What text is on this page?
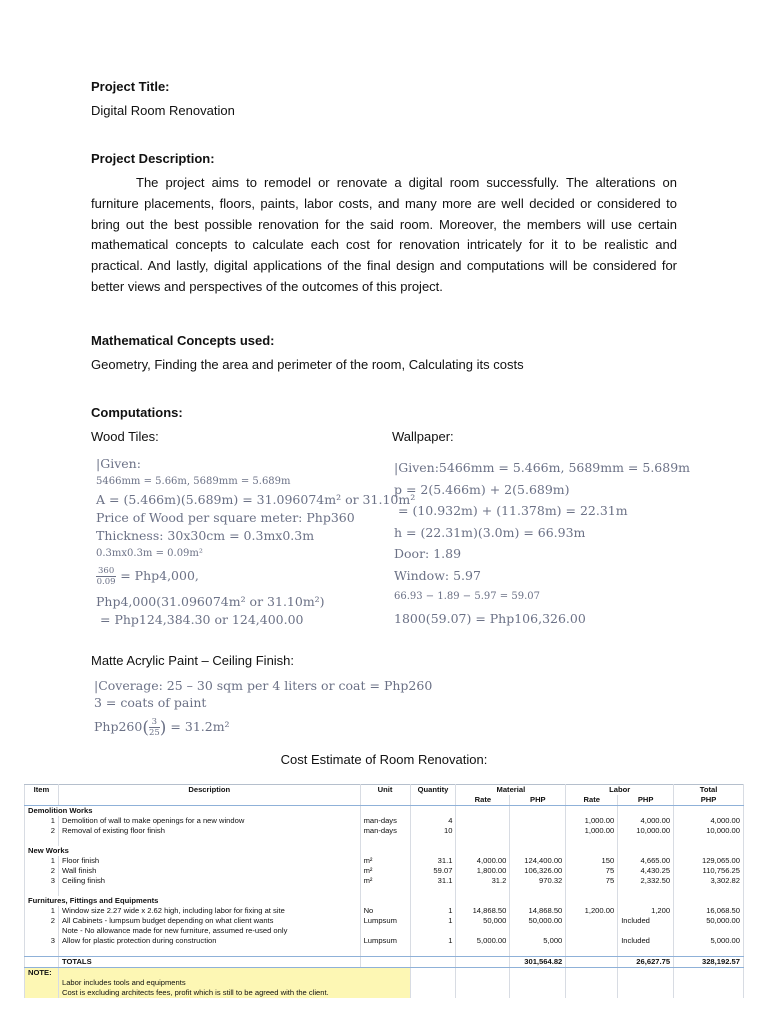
Project Title:
Digital Room Renovation
Project Description:
The project aims to remodel or renovate a digital room successfully. The alterations on furniture placements, floors, paints, labor costs, and many more are well decided or considered to bring out the best possible renovation for the said room. Moreover, the members will use certain mathematical concepts to calculate each cost for renovation intricately for it to be realistic and practical. And lastly, digital applications of the final design and computations will be considered for better views and perspectives of the outcomes of this project.
Mathematical Concepts used:
Geometry, Finding the area and perimeter of the room, Calculating its costs
Computations:
Wood Tiles:	Wallpaper:
|Given:
5466mm = 5.66m, 5689mm = 5.689m
A = (5.466m)(5.689m) = 31.096074m² or 31.10m²
Price of Wood per square meter: Php360
Thickness: 30x30cm = 0.3mx0.3m
0.3mx0.3m = 0.09m²
$\frac{360}{0.09} = Php4,000$,
Php4,000(31.096074m² or 31.10m²)
= Php124,384.30 or 124,400.00
|Given:5466mm = 5.466m, 5689mm = 5.689m
p = 2(5.466m) + 2(5.689m)
= (10.932m) + (11.378m) = 22.31m
h = (22.31m)(3.0m) = 66.93m
Door: 1.89
Window: 5.97
66.93 − 1.89 − 5.97 = 59.07
1800(59.07) = Php106,326.00
Matte Acrylic Paint – Ceiling Finish:
|Coverage: 25 – 30 sqm per 4 liters or coat = Php260
3 = coats of paint
$Php260( \frac{3}{25}$ ) = 31.2m²
Cost Estimate of Room Renovation:
Item	Description	Unit	Quantity	Material		Labor		Total
				Rate	PHP	Rate	PHP	PHP
Demolition Works								
1	Demolition of wall to make openings for a new window	man-days	4			1,000.00	4,000.00	4,000.00
2	Removal of existing floor finish	man-days	10			1,000.00	10,000.00	10,000.00

New Works								
1	Floor finish	m²	31.1	4,000.00	124,400.00	150	4,665.00	129,065.00
2	Wall finish	m²	59.07	1,800.00	106,326.00	75	4,430.25	110,756.25
3	Ceiling finish	m²	31.1	31.2	970.32	75	2,332.50	3,302.82

Furnitures, Fittings and Equipments								
1	Window size 2.27 wide x 2.62 high, including labor for fixing at site	No	1	14,868.50	14,868.50	1,200.00	1,200	16,068.50
2	All Cabinets - lumpsum budget depending on what client wants	Lumpsum	1	50,000	50,000.00		Included	50,000.00
	Note - No allowance made for new furniture, assumed re-used only							
3	Allow for plastic protection during construction	Lumpsum	1	5,000.00	5,000		Included	5,000.00

	TOTALS				301,564.82		26,627.75	328,192.57
NOTE:								
	Labor includes tools and equipments							
	Cost is excluding architects fees, profit which is still to be agreed with the client.							
